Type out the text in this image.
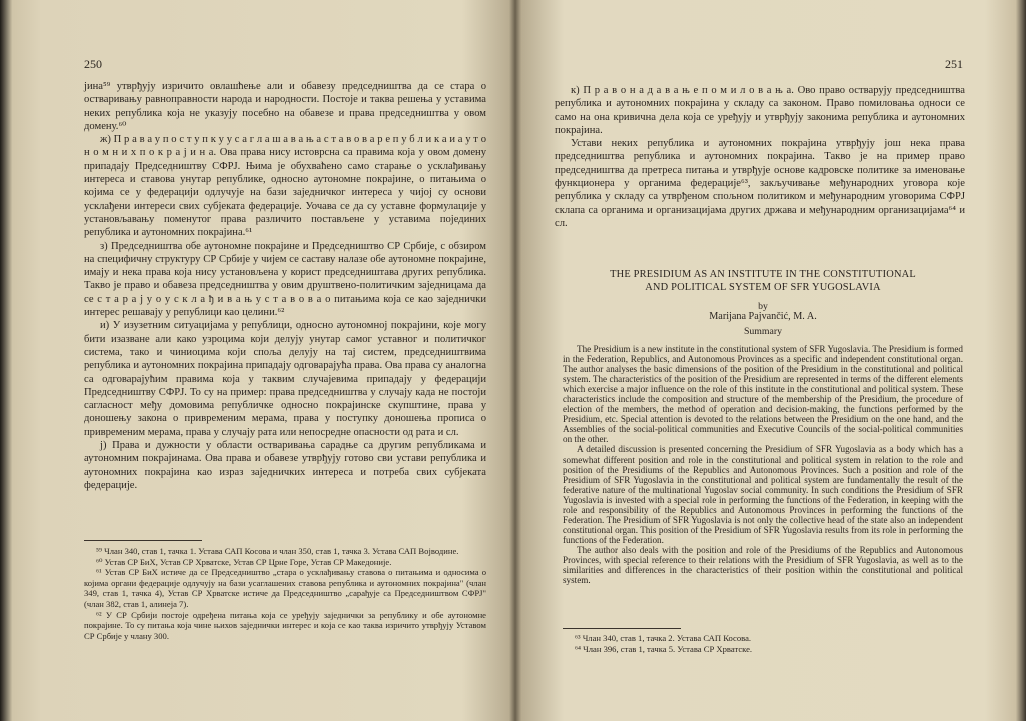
250

јина⁵⁹ утврђују изричито овлашћење али и обавезу председништва да се стара о остваривању равноправности народа и народности. Постоје и таква решења у уставима неких република која не указују посебно на обавезе и права председништва у овом домену.⁶⁰

ж) П р а в а у п о с т у п к у у с а г л а ш а в а њ а с т а в о в а р е п у б л и к а и а у т о н о м н и х п о к р а ј и н а. Ова права нису истоврсна са правима која у овом домену припадају Председништву СФРЈ. Њима је обухваћено само старање о усклађивању интереса и ставова унутар републике, односно аутономне покрајине, о питањима о којима се у федерацији одлучује на бази заједничког интереса у чијој су основи усклађени интереси свих субјеката федерације. Уочава се да су уставне формулације у установљавању поменутог права различито постављене у уставима појединих република и аутономних покрајина.⁶¹

з) Председништва обе аутономне покрајине и Председништво СР Србије, с обзиром на специфичну структуру СР Србије у чијем се саставу налазе обе аутономне покрајине, имају и нека права која нису установљена у корист председништава других република. Такво је право и обавеза председништва у овим друштвено-политичким заједницама да се с т а р а ј у о у с к л а ђ и в а њ у с т а в о в а о питањима која се као заједнички интерес решавају у републици као целини.⁶²

и) У изузетним ситуацијама у републици, односно аутономној покрајини, које могу бити изазване али како узроцима који делују унутар самог уставног и политичког система, тако и чиниоцима који споља делују на тај систем, председништвима република и аутономних покрајина припадају одговарајућа права. Ова права су аналогна са одговарајућим правима која у таквим случајевима припадају у федерацији Председништву СФРЈ. То су на пример: права председништва у случају када не постоји сагласност међу домовима републичке односно покрајинске скупштине, права у доношењу закона о привременим мерама, права у поступку доношења прописа о привременим мерама, права у случају рата или непосредне опасности од рата и сл.

ј) Права и дужности у области остваривања сарадње са другим републикама и аутономним покрајинама. Ова права и обавезе утврђују готово сви устави република и аутономних покрајина као израз заједничких интереса и потреба свих субјеката федерације.

⁵⁹ Члан 340, став 1, тачка 1. Устава САП Косова и члан 350, став 1, тачка 3. Устава САП Војводине.

⁶⁰ Устав СР БиХ, Устав СР Хрватске, Устав СР Црне Горе, Устав СР Македоније.

⁶¹ Устав СР БиХ истиче да се Председништво „стара о усклађивању ставова о питањима и односима о којима органи федерације одлучују на бази усаглашених ставова република и аутономних покрајина" (члан 349, став 1, тачка 4), Устав СР Хрватске истиче да Председништво „сарађује са Председништвом СФРЈ" (члан 382, став 1, алинеја 7).

⁶² У СР Србији постоје одређена питања која се уређују заједнички за републику и обе аутономне покрајине. То су питања која чине њихов заједнички интерес и која се као таква изричито утврђују Уставом СР Србије у члану 300.

251

к) П р а в о н а д а в а њ е п о м и л о в а њ а. Ово право остварују председништва република и аутономних покрајина у складу са законом. Право помиловања односи се само на она кривична дела која се уређују и утврђују законима република и аутономних покрајина.

Устави неких република и аутономних покрајина утврђују још нека права председништва република и аутономних покрајина. Такво је на пример право председништва да претреса питања и утврђује основе кадровске политике за именовање функционера у органима федерације⁶³, закључивање међународних уговора које република у складу са утврђеном спољном политиком и међународним уговорима СФРЈ склапа са органима и организацијама других држава и међународним организацијама⁶⁴ и сл.

THE PRESIDIUM AS AN INSTITUTE IN THE CONSTITUTIONAL
AND POLITICAL SYSTEM OF SFR YUGOSLAVIA
by
Marijana Pajvančić, M. A.
Summary

The Presidium is a new institute in the constitutional system of SFR Yugoslavia. The Presidium is formed in the Federation, Republics, and Autonomous Provinces as a specific and independent constitutional organ. The author analyses the basic dimensions of the position of the Presidium in the constitutional and political system. The characteristics of the position of the Presidium are represented in terms of the different elements which exercise a major influence on the role of this institute in the constitutional and political system. These characteristics include the composition and structure of the membership of the Presidium, the procedure of election of the members, the method of operation and decision-making, the functions performed by the Presidium, etc. Special attention is devoted to the relations between the Presidium on the one hand, and the Assemblies of the social-political communities and Executive Councils of the social-political communities on the other.

A detailed discussion is presented concerning the Presidium of SFR Yugoslavia as a body which has a somewhat different position and role in the constitutional and political system in relation to the role and position of the Presidiums of the Republics and Autonomous Provinces. Such a position and role of the Presidium of SFR Yugoslavia in the constitutional and political system are fundamentally the result of the federative nature of the multinational Yugoslav social community. In such conditions the Presidium of SFR Yugoslavia is invested with a special role in performing the functions of the Federation, in keeping with the role and responsibility of the Republics and Autonomous Provinces in performing the functions of the Federation. The Presidium of SFR Yugoslavia is not only the collective head of the state also an independent constitutional organ. This position of the Presidium of SFR Yugoslavia results from its role in performing the functions of the Federation.

The author also deals with the position and role of the Presidiums of the Republics and Autonomous Provinces, with special reference to their relations with the Presidium of SFR Yugoslavia, as well as to the similarities and differences in the characteristics of their position within the constitutional and political system.

⁶³ Члан 340, став 1, тачка 2. Устава САП Косова.

⁶⁴ Члан 396, став 1, тачка 5. Устава СР Хрватске.
